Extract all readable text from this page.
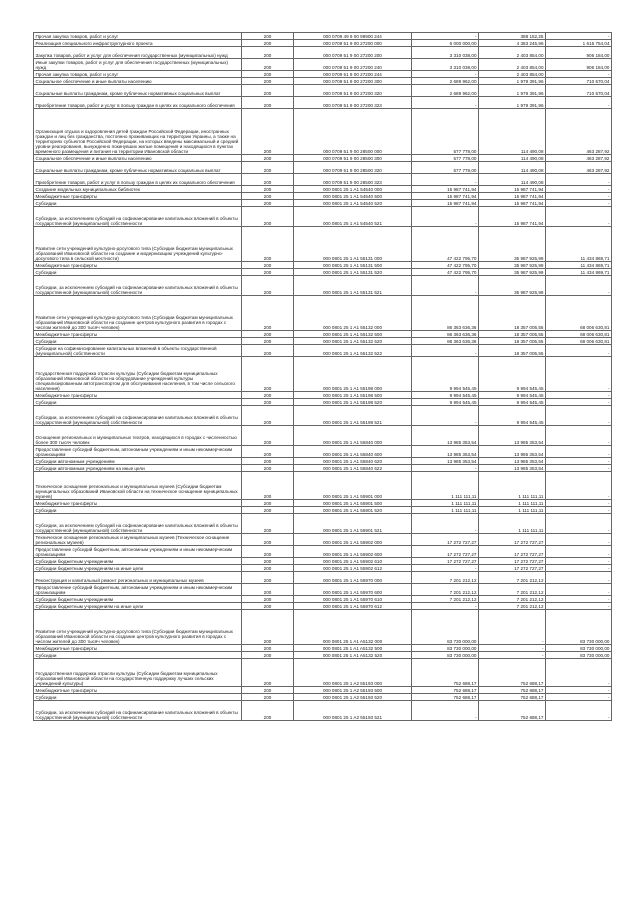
Прочая закупка товаров, работ и услуг	200	000 0709 49 9 00 99900 244	-	388 152,25	-
Реализация специального инфраструктурного проекта	200	000 0709 51 9 00 27200 000	6 000 000,00	4 383 245,96	1 616 754,04
Закупка товаров, работ и услуг для обеспечения государственных (муниципальных) нужд	200	000 0709 51 9 00 27200 200	3 310 038,00	2 403 854,00	906 184,00
Иные закупки товаров, работ и услуг для обеспечения государственных (муниципальных) нужд	200	000 0709 51 9 00 27200 240	3 310 038,00	2 403 854,00	906 184,00
Прочая закупка товаров, работ и услуг	200	000 0709 51 9 00 27200 244	-	2 403 854,00	-
Социальное обеспечение и иные выплаты населению	200	000 0709 51 9 00 27200 300	2 689 962,00	1 979 391,96	710 570,04
Социальные выплаты гражданам, кроме публичных нормативных социальных выплат	200	000 0709 51 9 00 27200 320	2 689 962,00	1 979 391,96	710 570,04
Приобретение товаров, работ и услуг в пользу граждан в целях их социального обеспечения	200	000 0709 51 9 00 27200 323	-	1 979 391,96	-
Организация отдыха и оздоровления детей граждан Российской Федерации, иностранных граждан и лиц без гражданства, постоянно проживающих на территории Украины, а также на территориях субъектов Российской Федерации, на которых введены максимальный и средний уровни реагирования, вынужденно покинувших жилые помещения и находящихся в пунктах временного размещения и питания на территории Ивановской области	200	000 0709 51 9 00 28500 000	577 778,00	114 490,08	463 287,92
Социальное обеспечение и иные выплаты населению	200	000 0709 51 9 00 28500 300	577 778,00	114 490,08	463 287,92
Социальные выплаты гражданам, кроме публичных нормативных социальных выплат	200	000 0709 51 9 00 28500 320	577 778,00	114 490,08	463 287,92
Приобретение товаров, работ и услуг в пользу граждан в целях их социального обеспечения	200	000 0709 51 9 00 28500 323	-	114 490,08	-
Создание модельных муниципальных библиотек	200	000 0801 25 1 A1 54540 000	15 987 741,94	15 987 741,94	-
Межбюджетные трансферты	200	000 0801 25 1 A1 54540 500	15 987 741,94	15 987 741,94	-
Субсидии	200	000 0801 25 1 A1 54540 520	15 987 741,94	15 987 741,94	-
Субсидии, за исключением субсидий на софинансирование капитальных вложений в объекты государственной (муниципальной) собственности	200	000 0801 25 1 A1 54540 521	-	15 987 741,94	-
Развитие сети учреждений культурно-досугового типа (Субсидии бюджетам муниципальных образований Ивановской области на создание и модернизацию учреждений культурно-досугового типа в сельской местности)	200	000 0801 25 1 A1 55131 000	47 422 795,70	35 987 925,99	11 434 869,71
Межбюджетные трансферты	200	000 0801 25 1 A1 55131 500	47 422 795,70	35 987 925,99	11 434 869,71
Субсидии	200	000 0801 25 1 A1 55131 520	47 422 795,70	35 987 925,99	11 434 869,71
Субсидии, за исключением субсидий на софинансирование капитальных вложений в объекты государственной (муниципальной) собственности	200	000 0801 25 1 A1 55131 521	-	35 987 925,99	-
Развитие сети учреждений культурно-досугового типа (Субсидии бюджетам муниципальных образований Ивановской области на создание центров культурного развития в городах с числом жителей до 300 тысяч человек)	200	000 0801 25 1 A1 55132 000	86 363 636,36	18 357 005,55	68 006 630,81
Межбюджетные трансферты	200	000 0801 25 1 A1 55132 500	86 363 636,36	18 357 005,55	68 006 630,81
Субсидии	200	000 0801 25 1 A1 55132 520	86 363 636,36	18 357 005,55	68 006 630,81
Субсидии на софинансирование капитальных вложений в объекты государственной (муниципальной) собственности	200	000 0801 25 1 A1 55132 522	-	18 357 005,55	-
Государственная поддержка отрасли культуры (Субсидии бюджетам муниципальных образований Ивановской области на оборудование учреждений культуры специализированным автотранспортом для обслуживания населения, в том числе сельского населения)	200	000 0801 25 1 A1 55198 000	9 994 545,45	9 994 545,45	-
Межбюджетные трансферты	200	000 0801 25 1 A1 55198 500	9 994 545,45	9 994 545,45	-
Субсидии	200	000 0801 25 1 A1 55198 520	9 994 545,45	9 994 545,45	-
Субсидии, за исключением субсидий на софинансирование капитальных вложений в объекты государственной (муниципальной) собственности	200	000 0801 25 1 A1 55198 521	-	9 994 545,45	-
Оснащение региональных и муниципальных театров, находящихся в городах с численностью более 300 тысяч человек	200	000 0801 25 1 A1 55840 000	13 985 353,54	13 985 353,54	-
Предоставление субсидий бюджетным, автономным учреждениям и иным некоммерческим организациям	200	000 0801 25 1 A1 55840 600	13 985 353,54	13 985 353,54	-
Субсидии автономным учреждениям	200	000 0801 25 1 A1 55840 620	13 985 353,54	13 985 353,54	-
Субсидии автономным учреждениям на иные цели	200	000 0801 25 1 A1 55840 622	-	13 985 353,54	-
Техническое оснащение региональных и муниципальных музеев (Субсидии бюджетам муниципальных образований Ивановской области на техническое оснащение муниципальных музеев)	200	000 0801 25 1 A1 55901 000	1 111 111,11	1 111 111,11	-
Межбюджетные трансферты	200	000 0801 25 1 A1 55901 500	1 111 111,11	1 111 111,11	-
Субсидии	200	000 0801 25 1 A1 55901 520	1 111 111,11	1 111 111,11	-
Субсидии, за исключением субсидий на софинансирование капитальных вложений в объекты государственной (муниципальной) собственности	200	000 0801 25 1 A1 55901 521	-	1 111 111,11	-
Техническое оснащение региональных и муниципальных музеев (Техническое оснащение региональных музеев)	200	000 0801 25 1 A1 55902 000	17 272 727,27	17 272 727,27	-
Предоставление субсидий бюджетным, автономным учреждениям и иным некоммерческим организациям	200	000 0801 25 1 A1 55902 600	17 272 727,27	17 272 727,27	-
Субсидии бюджетным учреждениям	200	000 0801 25 1 A1 55902 610	17 272 727,27	17 272 727,27	-
Субсидии бюджетным учреждениям на иные цели	200	000 0801 25 1 A1 55902 612	-	17 272 727,27	-
Реконструкция и капитальный ремонт региональных и муниципальных музеев	200	000 0801 25 1 A1 55970 000	7 201 212,12	7 201 212,12	-
Предоставление субсидий бюджетным, автономным учреждениям и иным некоммерческим организациям	200	000 0801 25 1 A1 55970 600	7 201 212,12	7 201 212,12	-
Субсидии бюджетным учреждениям	200	000 0801 25 1 A1 55970 610	7 201 212,12	7 201 212,12	-
Субсидии бюджетным учреждениям на иные цели	200	000 0801 25 1 A1 55970 612	-	7 201 212,12	-
Развитие сети учреждений культурно-досугового типа (Субсидии бюджетам муниципальных образований Ивановской области на создание центров культурного развития в городах с числом жителей до 300 тысяч человек)	200	000 0801 25 1 A1 A5132 000	83 730 000,00	-	83 730 000,00
Межбюджетные трансферты	200	000 0801 25 1 A1 A5132 500	83 730 000,00	-	83 730 000,00
Субсидии	200	000 0801 25 1 A1 A5132 520	83 730 000,00	-	83 730 000,00
Государственная поддержка отрасли культуры (Субсидии бюджетам муниципальных образований Ивановской области на государственную поддержку лучших сельских учреждений культуры)	200	000 0801 25 1 A2 55193 000	752 688,17	752 688,17	-
Межбюджетные трансферты	200	000 0801 25 1 A2 55193 500	752 688,17	752 688,17	-
Субсидии	200	000 0801 25 1 A2 55193 520	752 688,17	752 688,17	-
Субсидии, за исключением субсидий на софинансирование капитальных вложений в объекты государственной (муниципальной) собственности	200	000 0801 25 1 A2 55193 521	-	752 688,17	-
